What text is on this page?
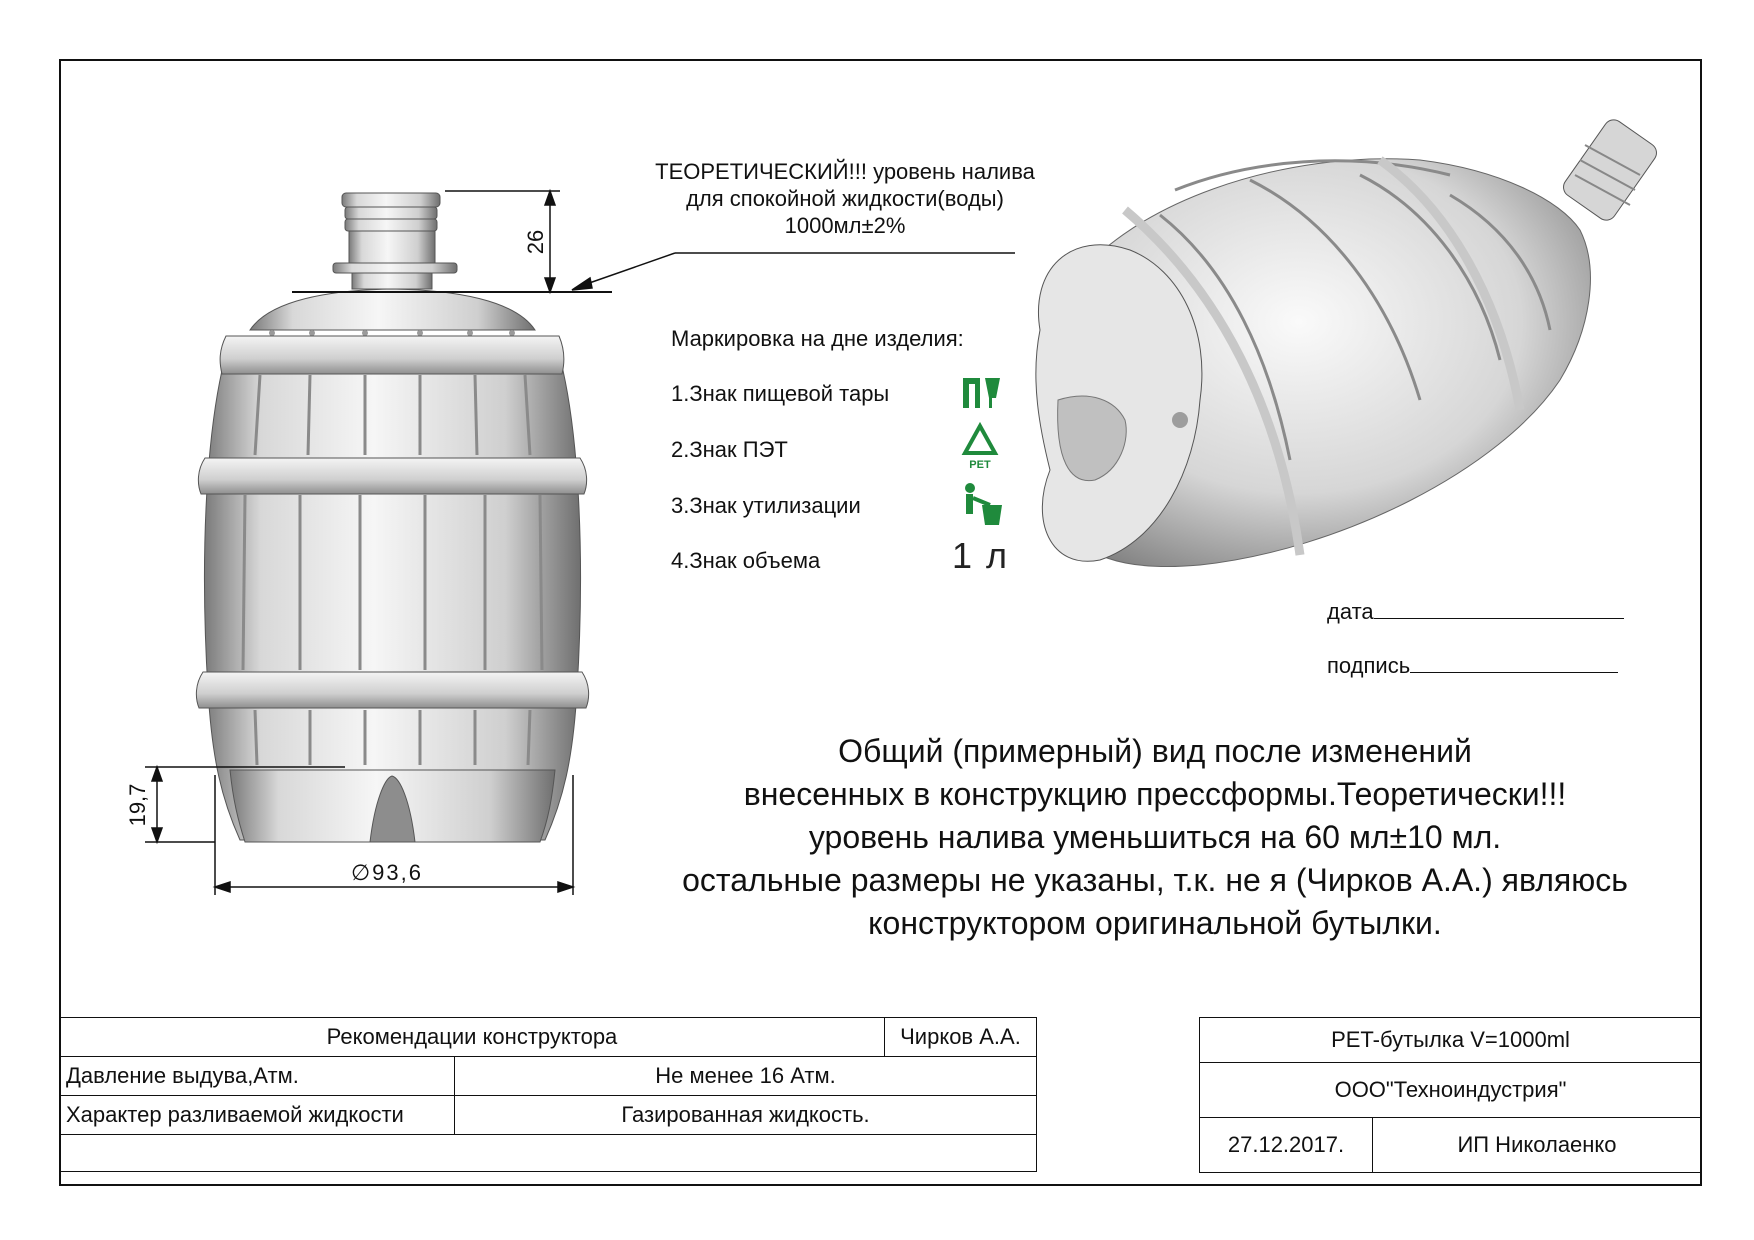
26
19,7
∅93,6
PET
ТЕОРЕТИЧЕСКИЙ!!! уровень налива
для спокойной жидкости(воды)
1000мл±2%
Маркировка на дне изделия:
1.Знак пищевой тары
2.Знак ПЭТ
3.Знак утилизации
4.Знак объема	1 л
дата
подпись
Общий (примерный) вид после изменений
внесенных в конструкцию прессформы.Теоретически!!!
уровень налива уменьшиться на 60 мл±10 мл.
остальные размеры не указаны, т.к. не я (Чирков А.А.) являюсь
конструктором оригинальной бутылки.
Рекомендации конструктора		Чирков А.А.
Давление выдува,Атм.	Не менее 16 Атм.	
Характер разливаемой жидкости	Газированная жидкость.	

PET-бутылка V=1000ml
ООО"Техноиндустрия"
27.12.2017.	ИП Николаенко
